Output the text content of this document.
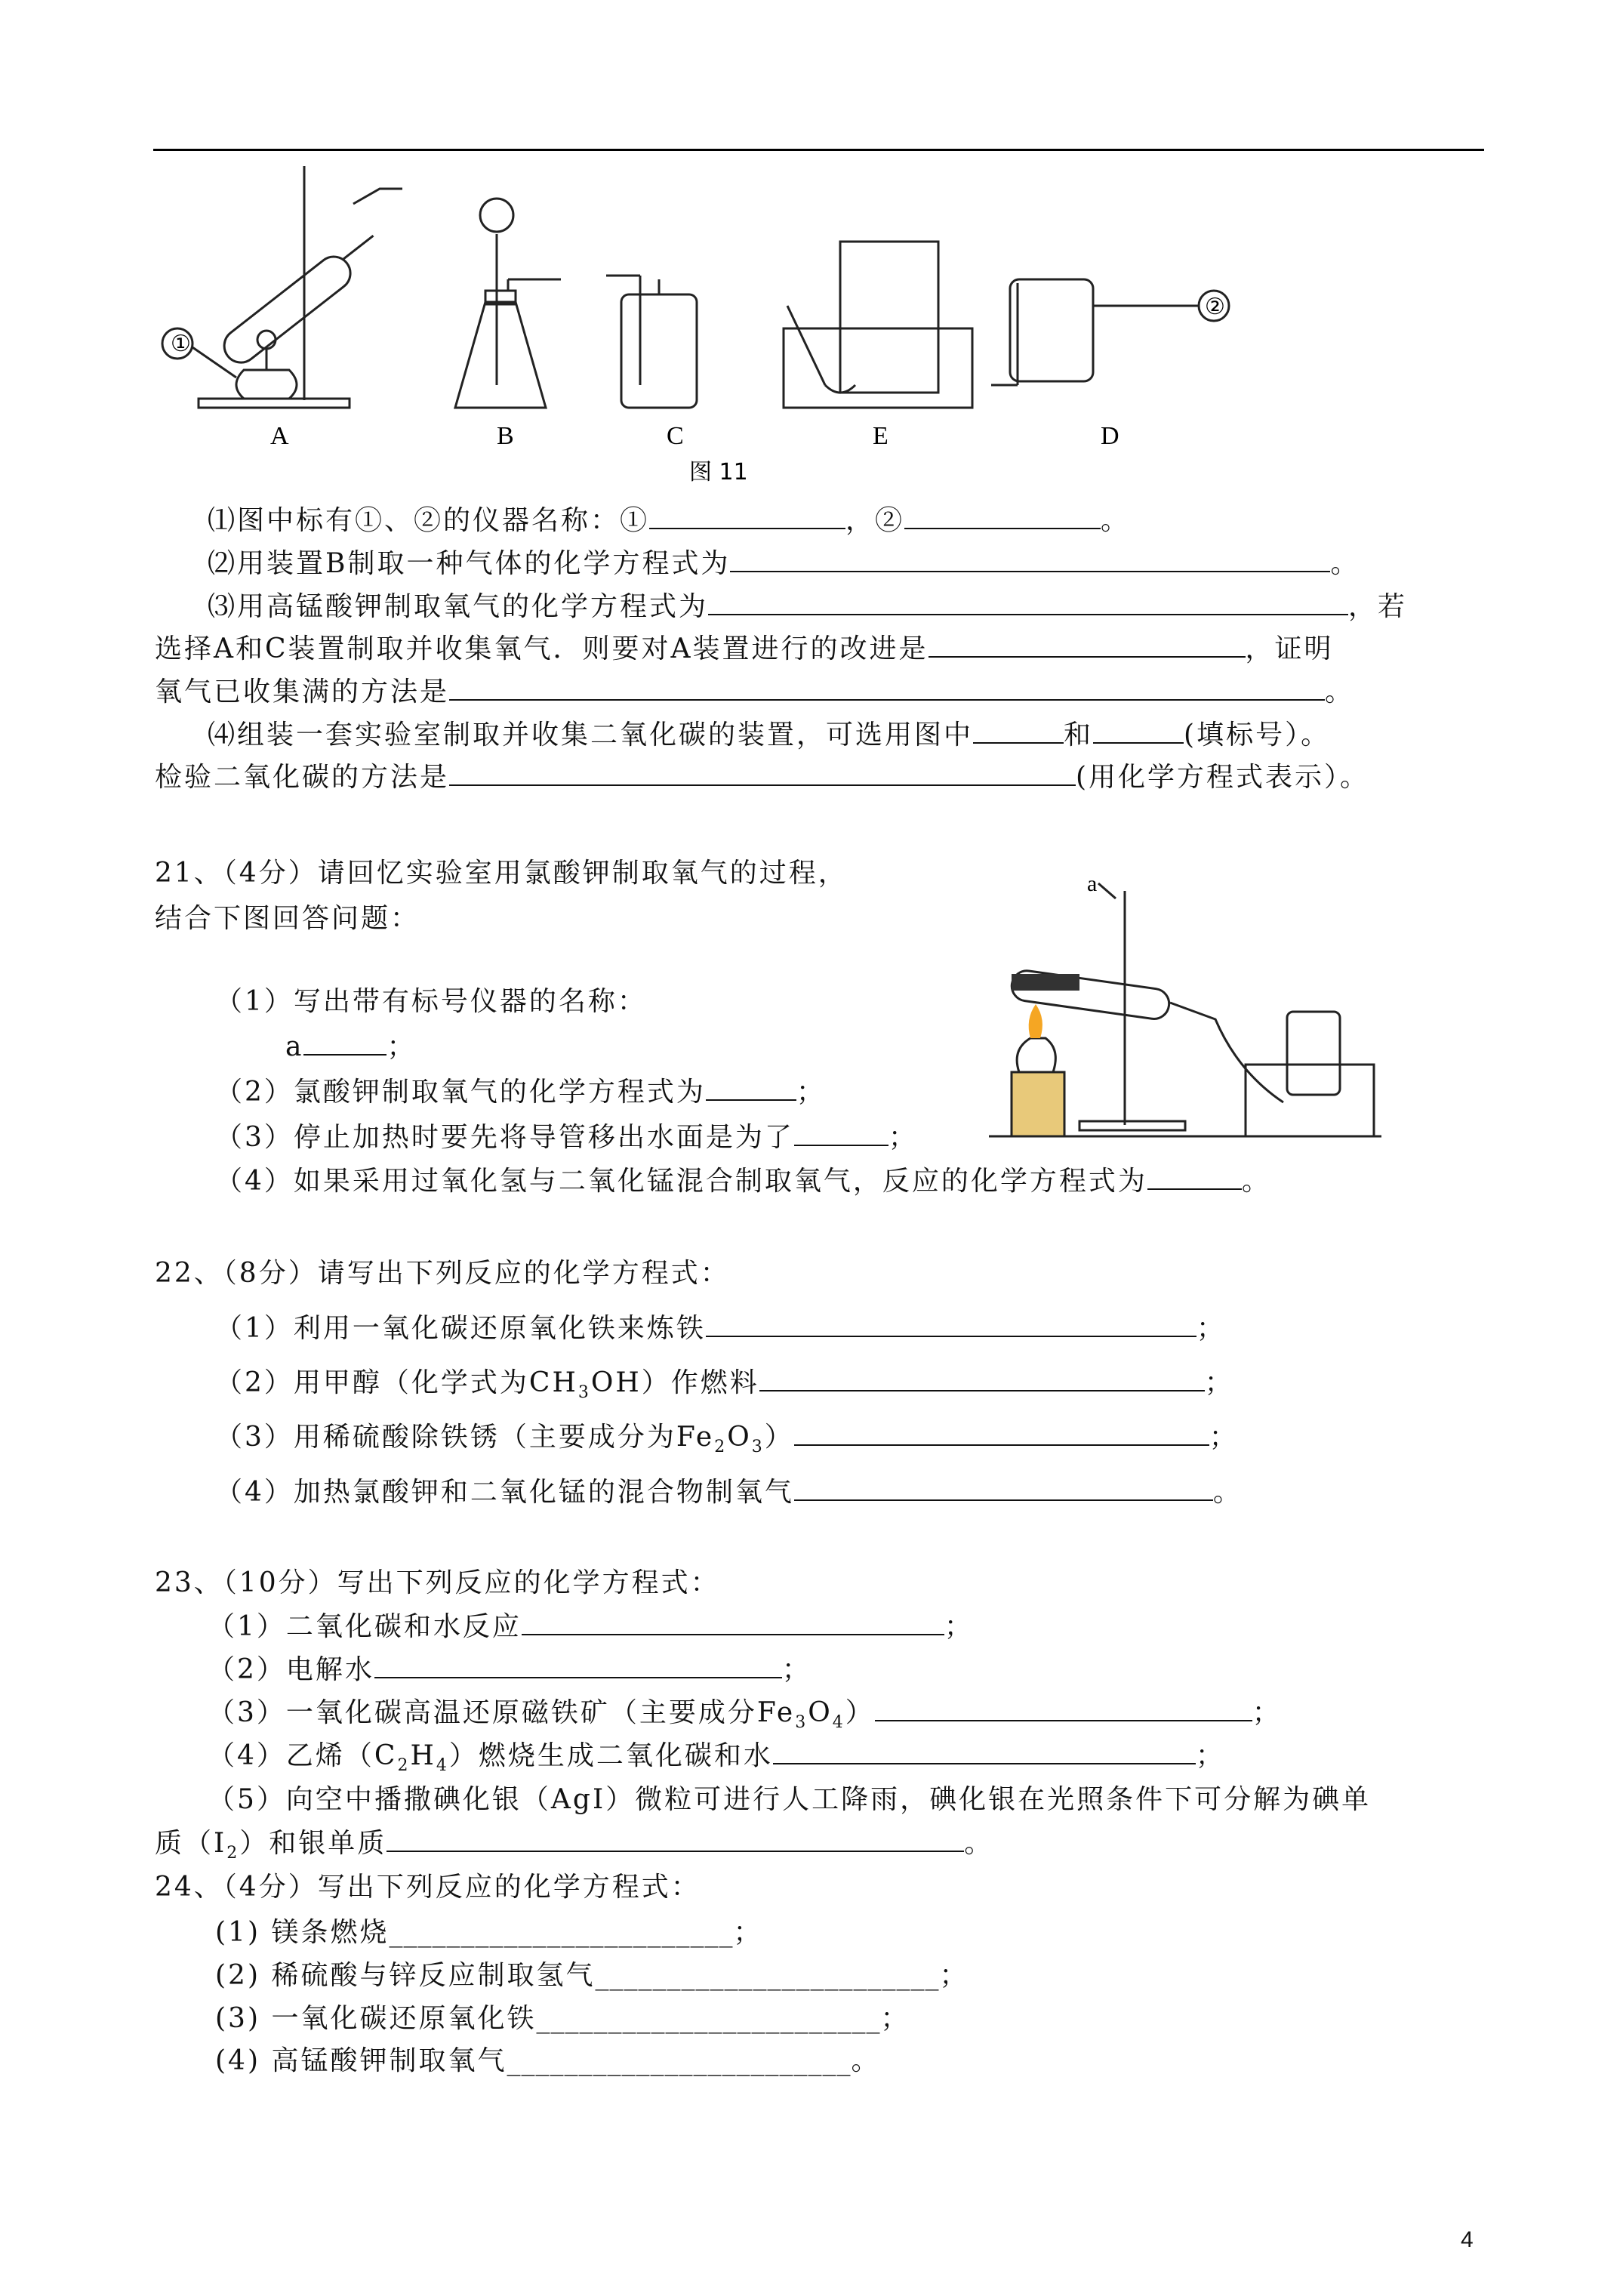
①
②
A	B	C	E	D
图 11
⑴图中标有①、②的仪器名称：①	，②	。
⑵用装置B制取一种气体的化学方程式为	。
⑶用高锰酸钾制取氧气的化学方程式为	，若
选择A和C装置制取并收集氧气．则要对A装置进行的改进是	，证明
氧气已收集满的方法是	。
⑷组装一套实验室制取并收集二氧化碳的装置，可选用图中	和	(填标号）。
检验二氧化碳的方法是	(用化学方程式表示）。
21、（4分）请回忆实验室用氯酸钾制取氧气的过程，
结合下图回答问题：
（1）写出带有标号仪器的名称：
a	；
（2）氯酸钾制取氧气的化学方程式为	；
（3）停止加热时要先将导管移出水面是为了	；
（4）如果采用过氧化氢与二氧化锰混合制取氧气，反应的化学方程式为	。
a
22、（8分）请写出下列反应的化学方程式：
（1）利用一氧化碳还原氧化铁来炼铁	；
（2）用甲醇（化学式为$CH_3OH$）作燃料	；
（3）用稀硫酸除铁锈（主要成分为$Fe_2O_3$）	；
（4）加热氯酸钾和二氧化锰的混合物制氧气	。
23、（10分）写出下列反应的化学方程式：
（1）二氧化碳和水反应	；
（2）电解水	；
（3）一氧化碳高温还原磁铁矿（主要成分$Fe_3O_4$）	；
（4）乙烯$(C_2H_4)$燃烧生成二氧化碳和水	；
（5）向空中播撒碘化银（AgI）微粒可进行人工降雨，碘化银在光照条件下可分解为碘单
质$(I_2)$和银单质	。
24、（4分）写出下列反应的化学方程式：
(1) 镁条燃烧________________________；
(2) 稀硫酸与锌反应制取氢气________________________；
(3) 一氧化碳还原氧化铁________________________；
(4) 高锰酸钾制取氧气________________________。
4
